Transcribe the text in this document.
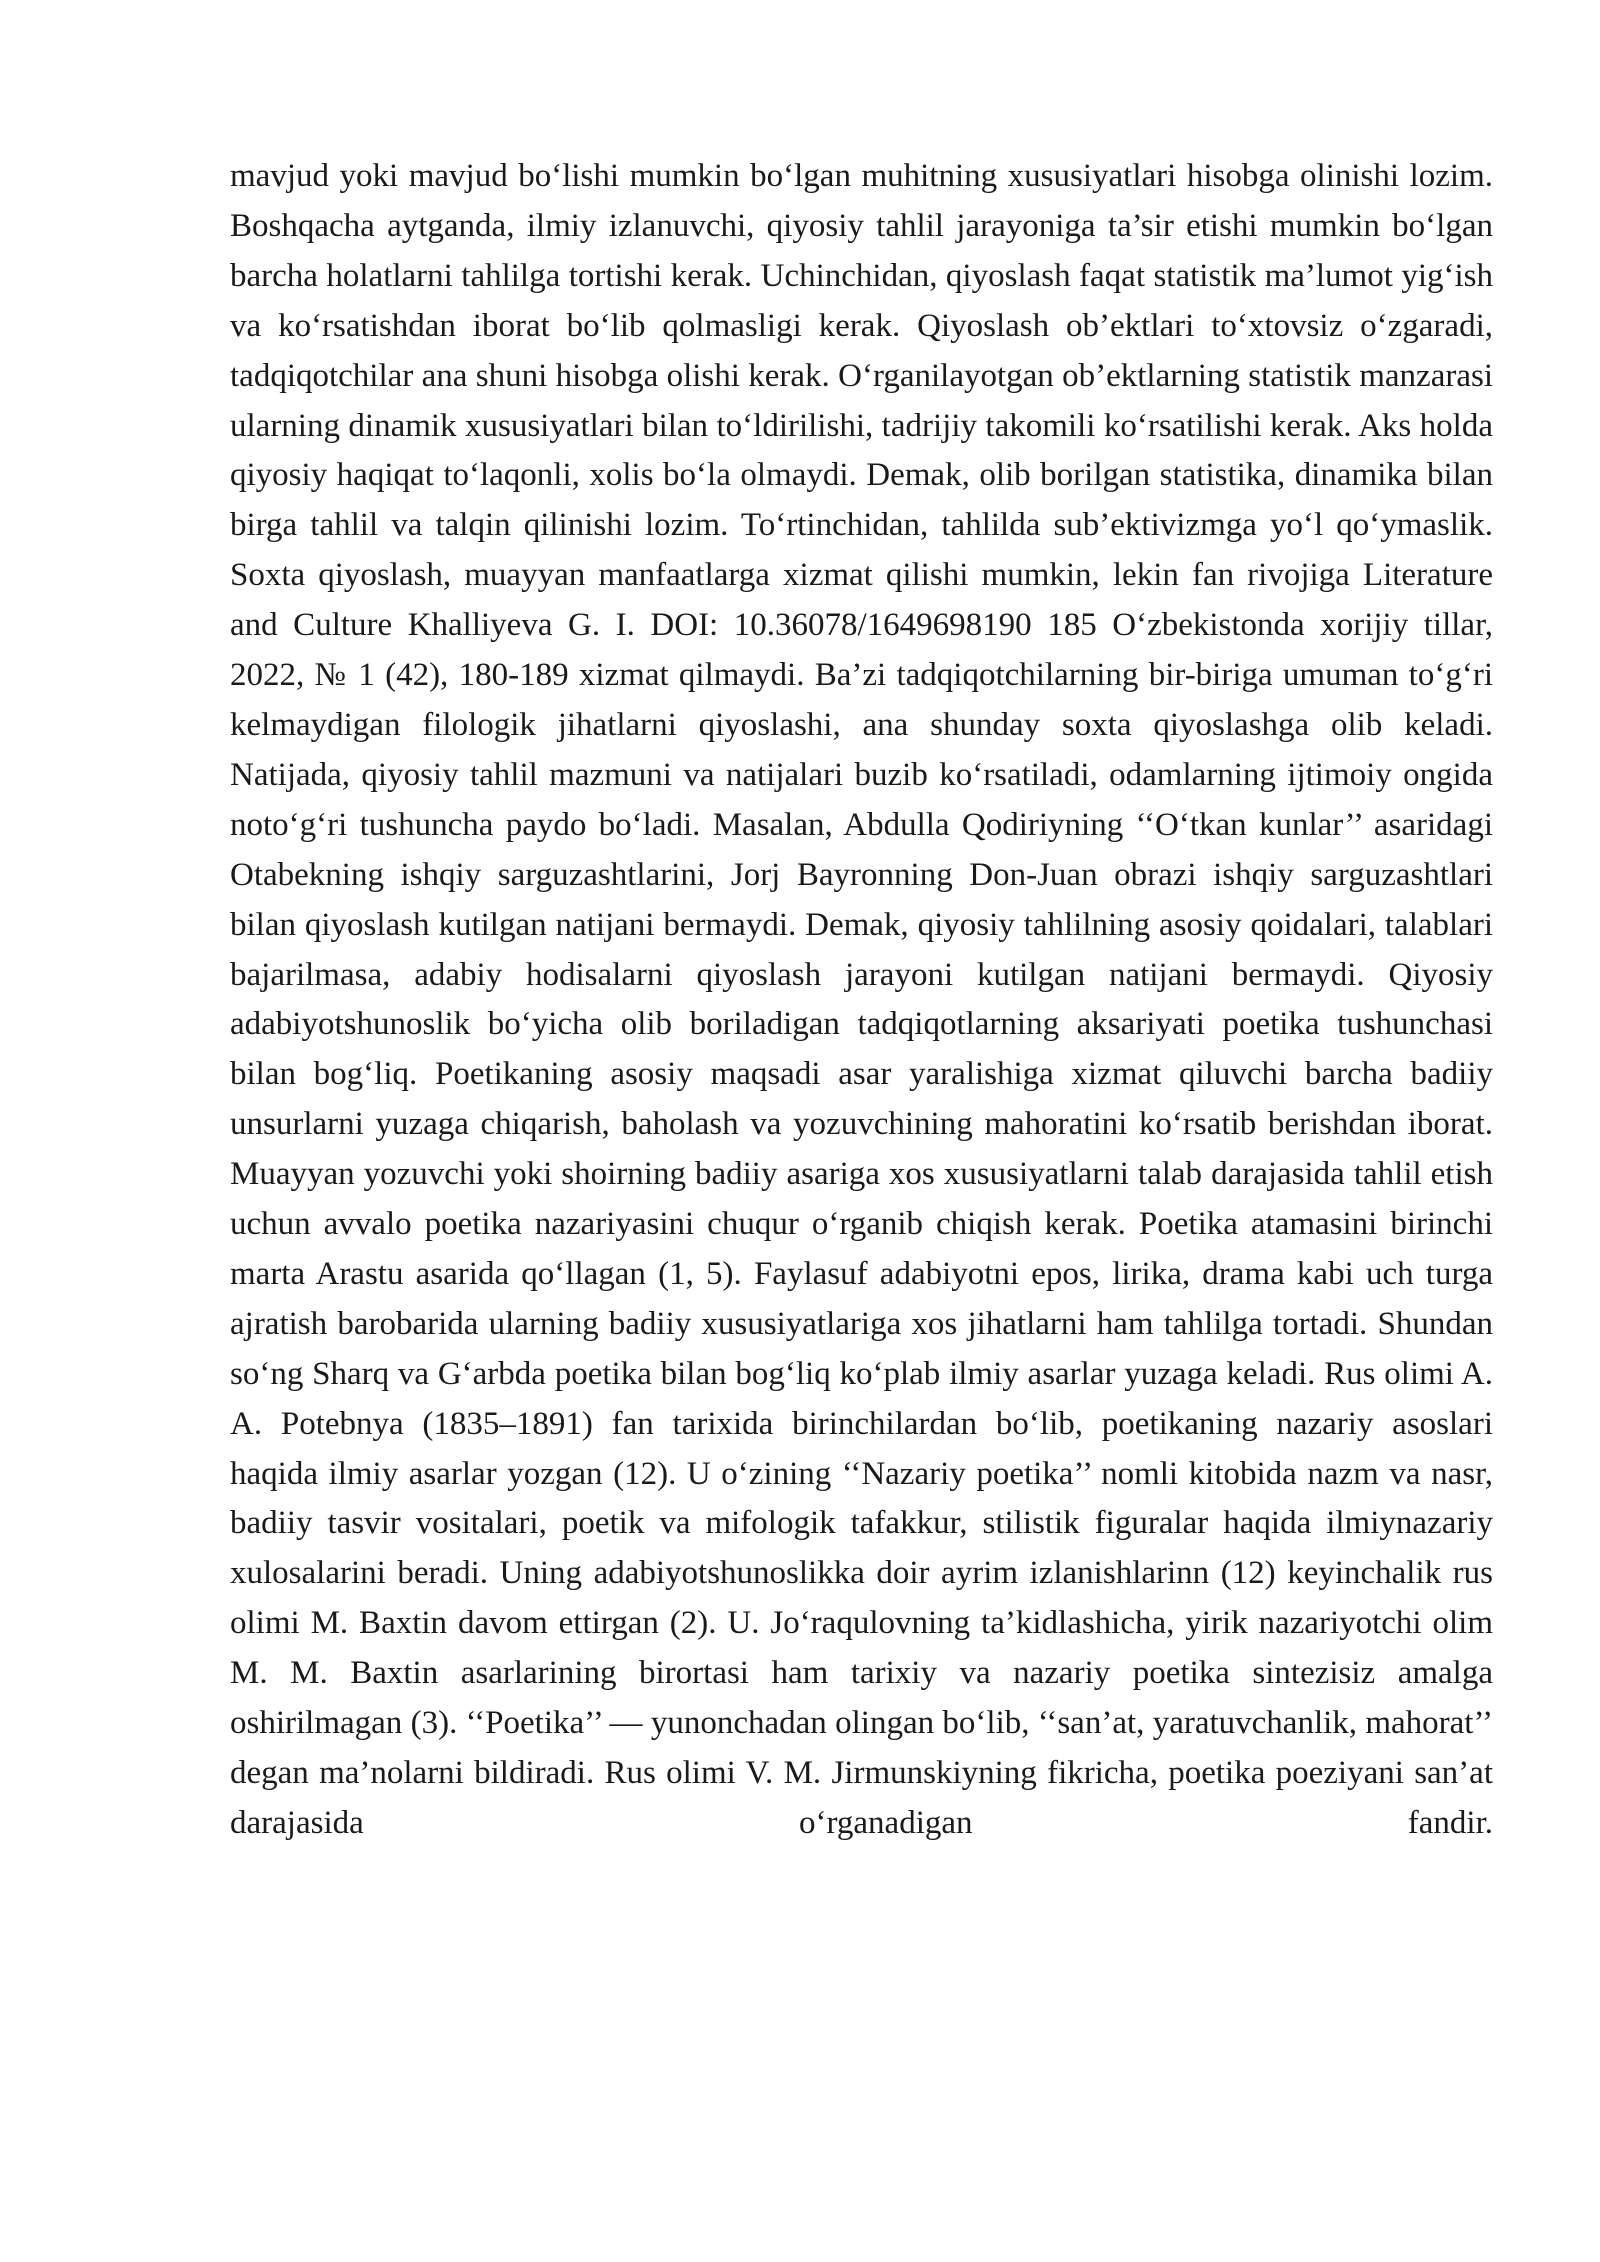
mavjud yoki mavjud boʻlishi mumkin boʻlgan muhitning xususiyatlari hisobga olinishi lozim. Boshqacha aytganda, ilmiy izlanuvchi, qiyosiy tahlil jarayoniga ta’sir etishi mumkin boʻlgan barcha holatlarni tahlilga tortishi kerak. Uchinchidan, qiyoslash faqat statistik ma’lumot yigʻish va koʻrsatishdan iborat boʻlib qolmasligi kerak. Qiyoslash ob’ektlari toʻxtovsiz oʻzgaradi, tadqiqotchilar ana shuni hisobga olishi kerak. Oʻrganilayotgan ob’ektlarning statistik manzarasi ularning dinamik xususiyatlari bilan toʻldirilishi, tadrijiy takomili koʻrsatilishi kerak. Aks holda qiyosiy haqiqat toʻlaqonli, xolis boʻla olmaydi. Demak, olib borilgan statistika, dinamika bilan birga tahlil va talqin qilinishi lozim. Toʻrtinchidan, tahlilda sub’ektivizmga yoʻl qoʻymaslik. Soxta qiyoslash, muayyan manfaatlarga xizmat qilishi mumkin, lekin fan rivojiga Literature and Culture Khalliyeva G. I. DOI: 10.36078/1649698190 185 Oʻzbekistonda xorijiy tillar, 2022, № 1 (42), 180-189 xizmat qilmaydi. Ba’zi tadqiqotchilarning bir-biriga umuman toʻgʻri kelmaydigan filologik jihatlarni qiyoslashi, ana shunday soxta qiyoslashga olib keladi. Natijada, qiyosiy tahlil mazmuni va natijalari buzib koʻrsatiladi, odamlarning ijtimoiy ongida notoʻgʻri tushuncha paydo boʻladi. Masalan, Abdulla Qodiriyning ‘‘Oʻtkan kunlar’’ asaridagi Otabekning ishqiy sarguzashtlarini, Jorj Bayronning Don-Juan obrazi ishqiy sarguzashtlari bilan qiyoslash kutilgan natijani bermaydi. Demak, qiyosiy tahlilning asosiy qoidalari, talablari bajarilmasa, adabiy hodisalarni qiyoslash jarayoni kutilgan natijani bermaydi. Qiyosiy adabiyotshunoslik boʻyicha olib boriladigan tadqiqotlarning aksariyati poetika tushunchasi bilan bogʻliq. Poetikaning asosiy maqsadi asar yaralishiga xizmat qiluvchi barcha badiiy unsurlarni yuzaga chiqarish, baholash va yozuvchining mahoratini koʻrsatib berishdan iborat. Muayyan yozuvchi yoki shoirning badiiy asariga xos xususiyatlarni talab darajasida tahlil etish uchun avvalo poetika nazariyasini chuqur oʻrganib chiqish kerak. Poetika atamasini birinchi marta Arastu asarida qoʻllagan (1, 5). Faylasuf adabiyotni epos, lirika, drama kabi uch turga ajratish barobarida ularning badiiy xususiyatlariga xos jihatlarni ham tahlilga tortadi. Shundan soʻng Sharq va Gʻarbda poetika bilan bogʻliq koʻplab ilmiy asarlar yuzaga keladi. Rus olimi A. A. Potebnya (1835–1891) fan tarixida birinchilardan boʻlib, poetikaning nazariy asoslari haqida ilmiy asarlar yozgan (12). U oʻzining ‘‘Nazariy poetika’’ nomli kitobida nazm va nasr, badiiy tasvir vositalari, poetik va mifologik tafakkur, stilistik figuralar haqida ilmiynazariy xulosalarini beradi. Uning adabiyotshunoslikka doir ayrim izlanishlarinn (12) keyinchalik rus olimi M. Baxtin davom ettirgan (2). U. Joʻraqulovning ta’kidlashicha, yirik nazariyotchi olim M. M. Baxtin asarlarining birortasi ham tarixiy va nazariy poetika sintezisiz amalga oshirilmagan (3). ‘‘Poetika’’ — yunonchadan olingan boʻlib, ‘‘san’at, yaratuvchanlik, mahorat’’ degan ma’nolarni bildiradi. Rus olimi V. M. Jirmunskiyning fikricha, poetika poeziyani san’at darajasida oʻrganadigan fandir.
